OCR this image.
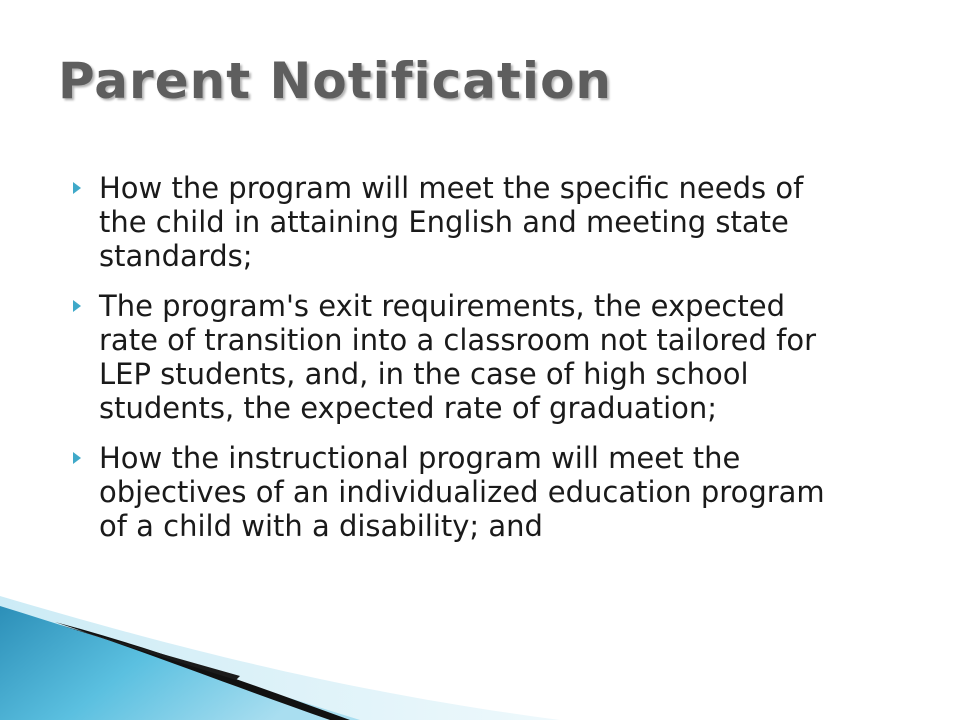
Parent Notification
How the program will meet the specific needs of the child in attaining English and meeting state standards;
The program's exit requirements, the expected rate of transition into a classroom not tailored for LEP students, and, in the case of high school students, the expected rate of graduation;
How the instructional program will meet the objectives of an individualized education program of a child with a disability; and
